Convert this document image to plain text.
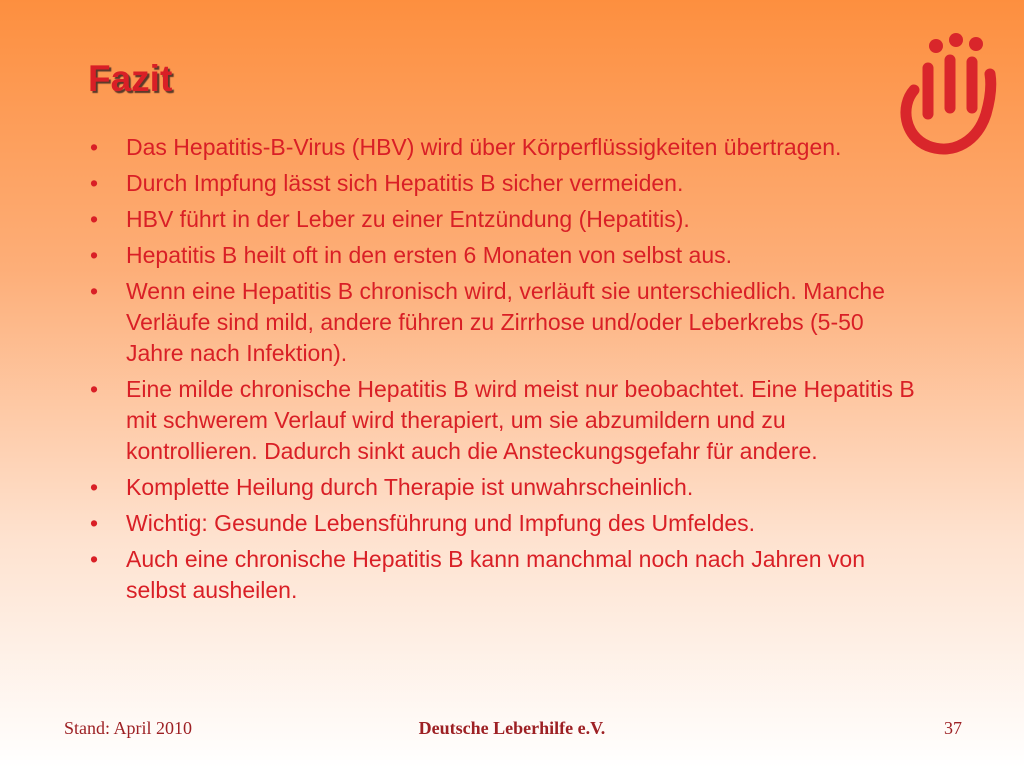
Fazit
• Das Hepatitis-B-Virus (HBV) wird über Körperflüssigkeiten übertragen.
• Durch Impfung lässt sich Hepatitis B sicher vermeiden.
• HBV führt in der Leber zu einer Entzündung (Hepatitis).
• Hepatitis B heilt oft in den ersten 6 Monaten von selbst aus.
• Wenn eine Hepatitis B chronisch wird, verläuft sie unterschiedlich. Manche Verläufe sind mild, andere führen zu Zirrhose und/oder Leberkrebs (5-50 Jahre nach Infektion).
• Eine milde chronische Hepatitis B wird meist nur beobachtet. Eine Hepatitis B mit schwerem Verlauf wird therapiert, um sie abzumildern und zu kontrollieren. Dadurch sinkt auch die Ansteckungsgefahr für andere.
• Komplette Heilung durch Therapie ist unwahrscheinlich.
• Wichtig: Gesunde Lebensführung und Impfung des Umfeldes.
• Auch eine chronische Hepatitis B kann manchmal noch nach Jahren von selbst ausheilen.
Stand: April 2010	Deutsche Leberhilfe e.V.	37
